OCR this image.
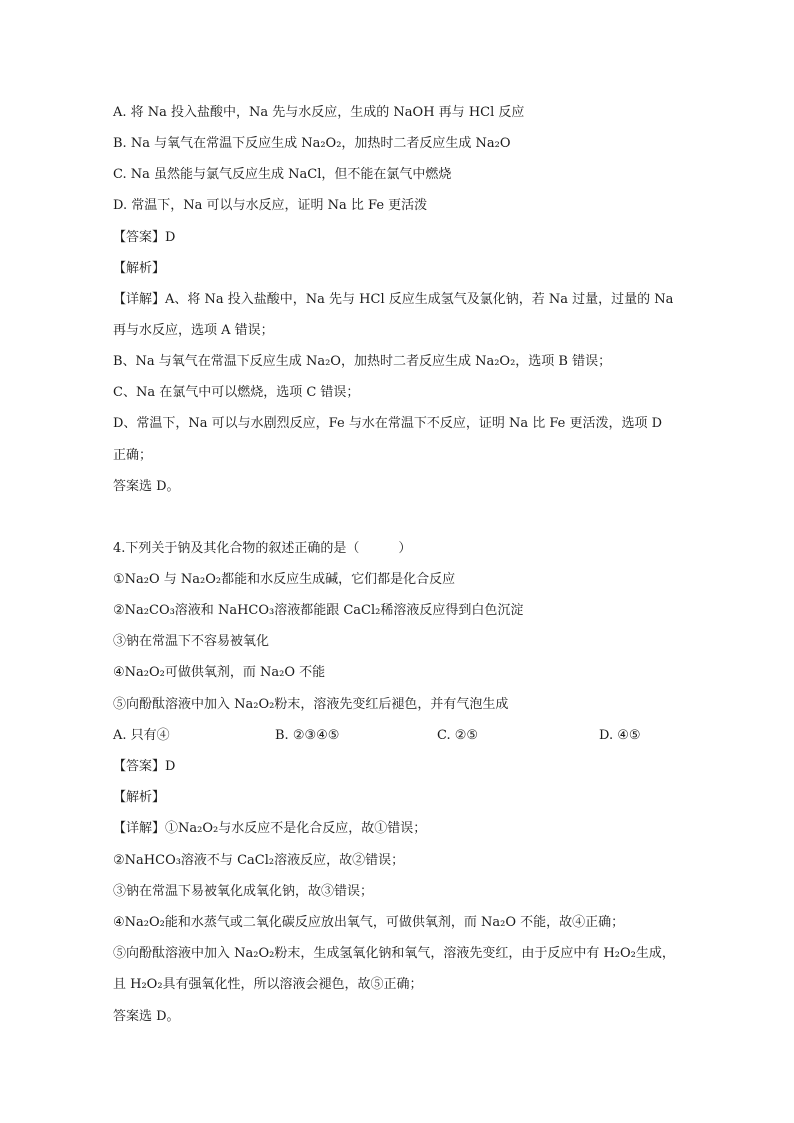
A. 将 Na 投入盐酸中，Na 先与水反应，生成的 NaOH 再与 HCl 反应
B. Na 与氧气在常温下反应生成 Na₂O₂，加热时二者反应生成 Na₂O
C. Na 虽然能与氯气反应生成 NaCl，但不能在氯气中燃烧
D. 常温下，Na 可以与水反应，证明 Na 比 Fe 更活泼
【答案】D
【解析】
【详解】A、将 Na 投入盐酸中，Na 先与 HCl 反应生成氢气及氯化钠，若 Na 过量，过量的 Na
再与水反应，选项 A 错误；
B、Na 与氧气在常温下反应生成 Na₂O，加热时二者反应生成 Na₂O₂，选项 B 错误；
C、Na 在氯气中可以燃烧，选项 C 错误；
D、常温下，Na 可以与水剧烈反应，Fe 与水在常温下不反应，证明 Na 比 Fe 更活泼，选项 D
正确；
答案选 D。
4.下列关于钠及其化合物的叙述正确的是（　　　）
①Na₂O 与 Na₂O₂都能和水反应生成碱，它们都是化合反应
②Na₂CO₃溶液和 NaHCO₃溶液都能跟 CaCl₂稀溶液反应得到白色沉淀
③钠在常温下不容易被氧化
④Na₂O₂可做供氧剂，而 Na₂O 不能
⑤向酚酞溶液中加入 Na₂O₂粉末，溶液先变红后褪色，并有气泡生成
A. 只有④	B. ②③④⑤	C. ②⑤	D. ④⑤
【答案】D
【解析】
【详解】①Na₂O₂与水反应不是化合反应，故①错误；
②NaHCO₃溶液不与 CaCl₂溶液反应，故②错误；
③钠在常温下易被氧化成氧化钠，故③错误；
④Na₂O₂能和水蒸气或二氧化碳反应放出氧气，可做供氧剂，而 Na₂O 不能，故④正确；
⑤向酚酞溶液中加入 Na₂O₂粉末，生成氢氧化钠和氧气，溶液先变红，由于反应中有 H₂O₂生成，
且 H₂O₂具有强氧化性，所以溶液会褪色，故⑤正确；
答案选 D。
